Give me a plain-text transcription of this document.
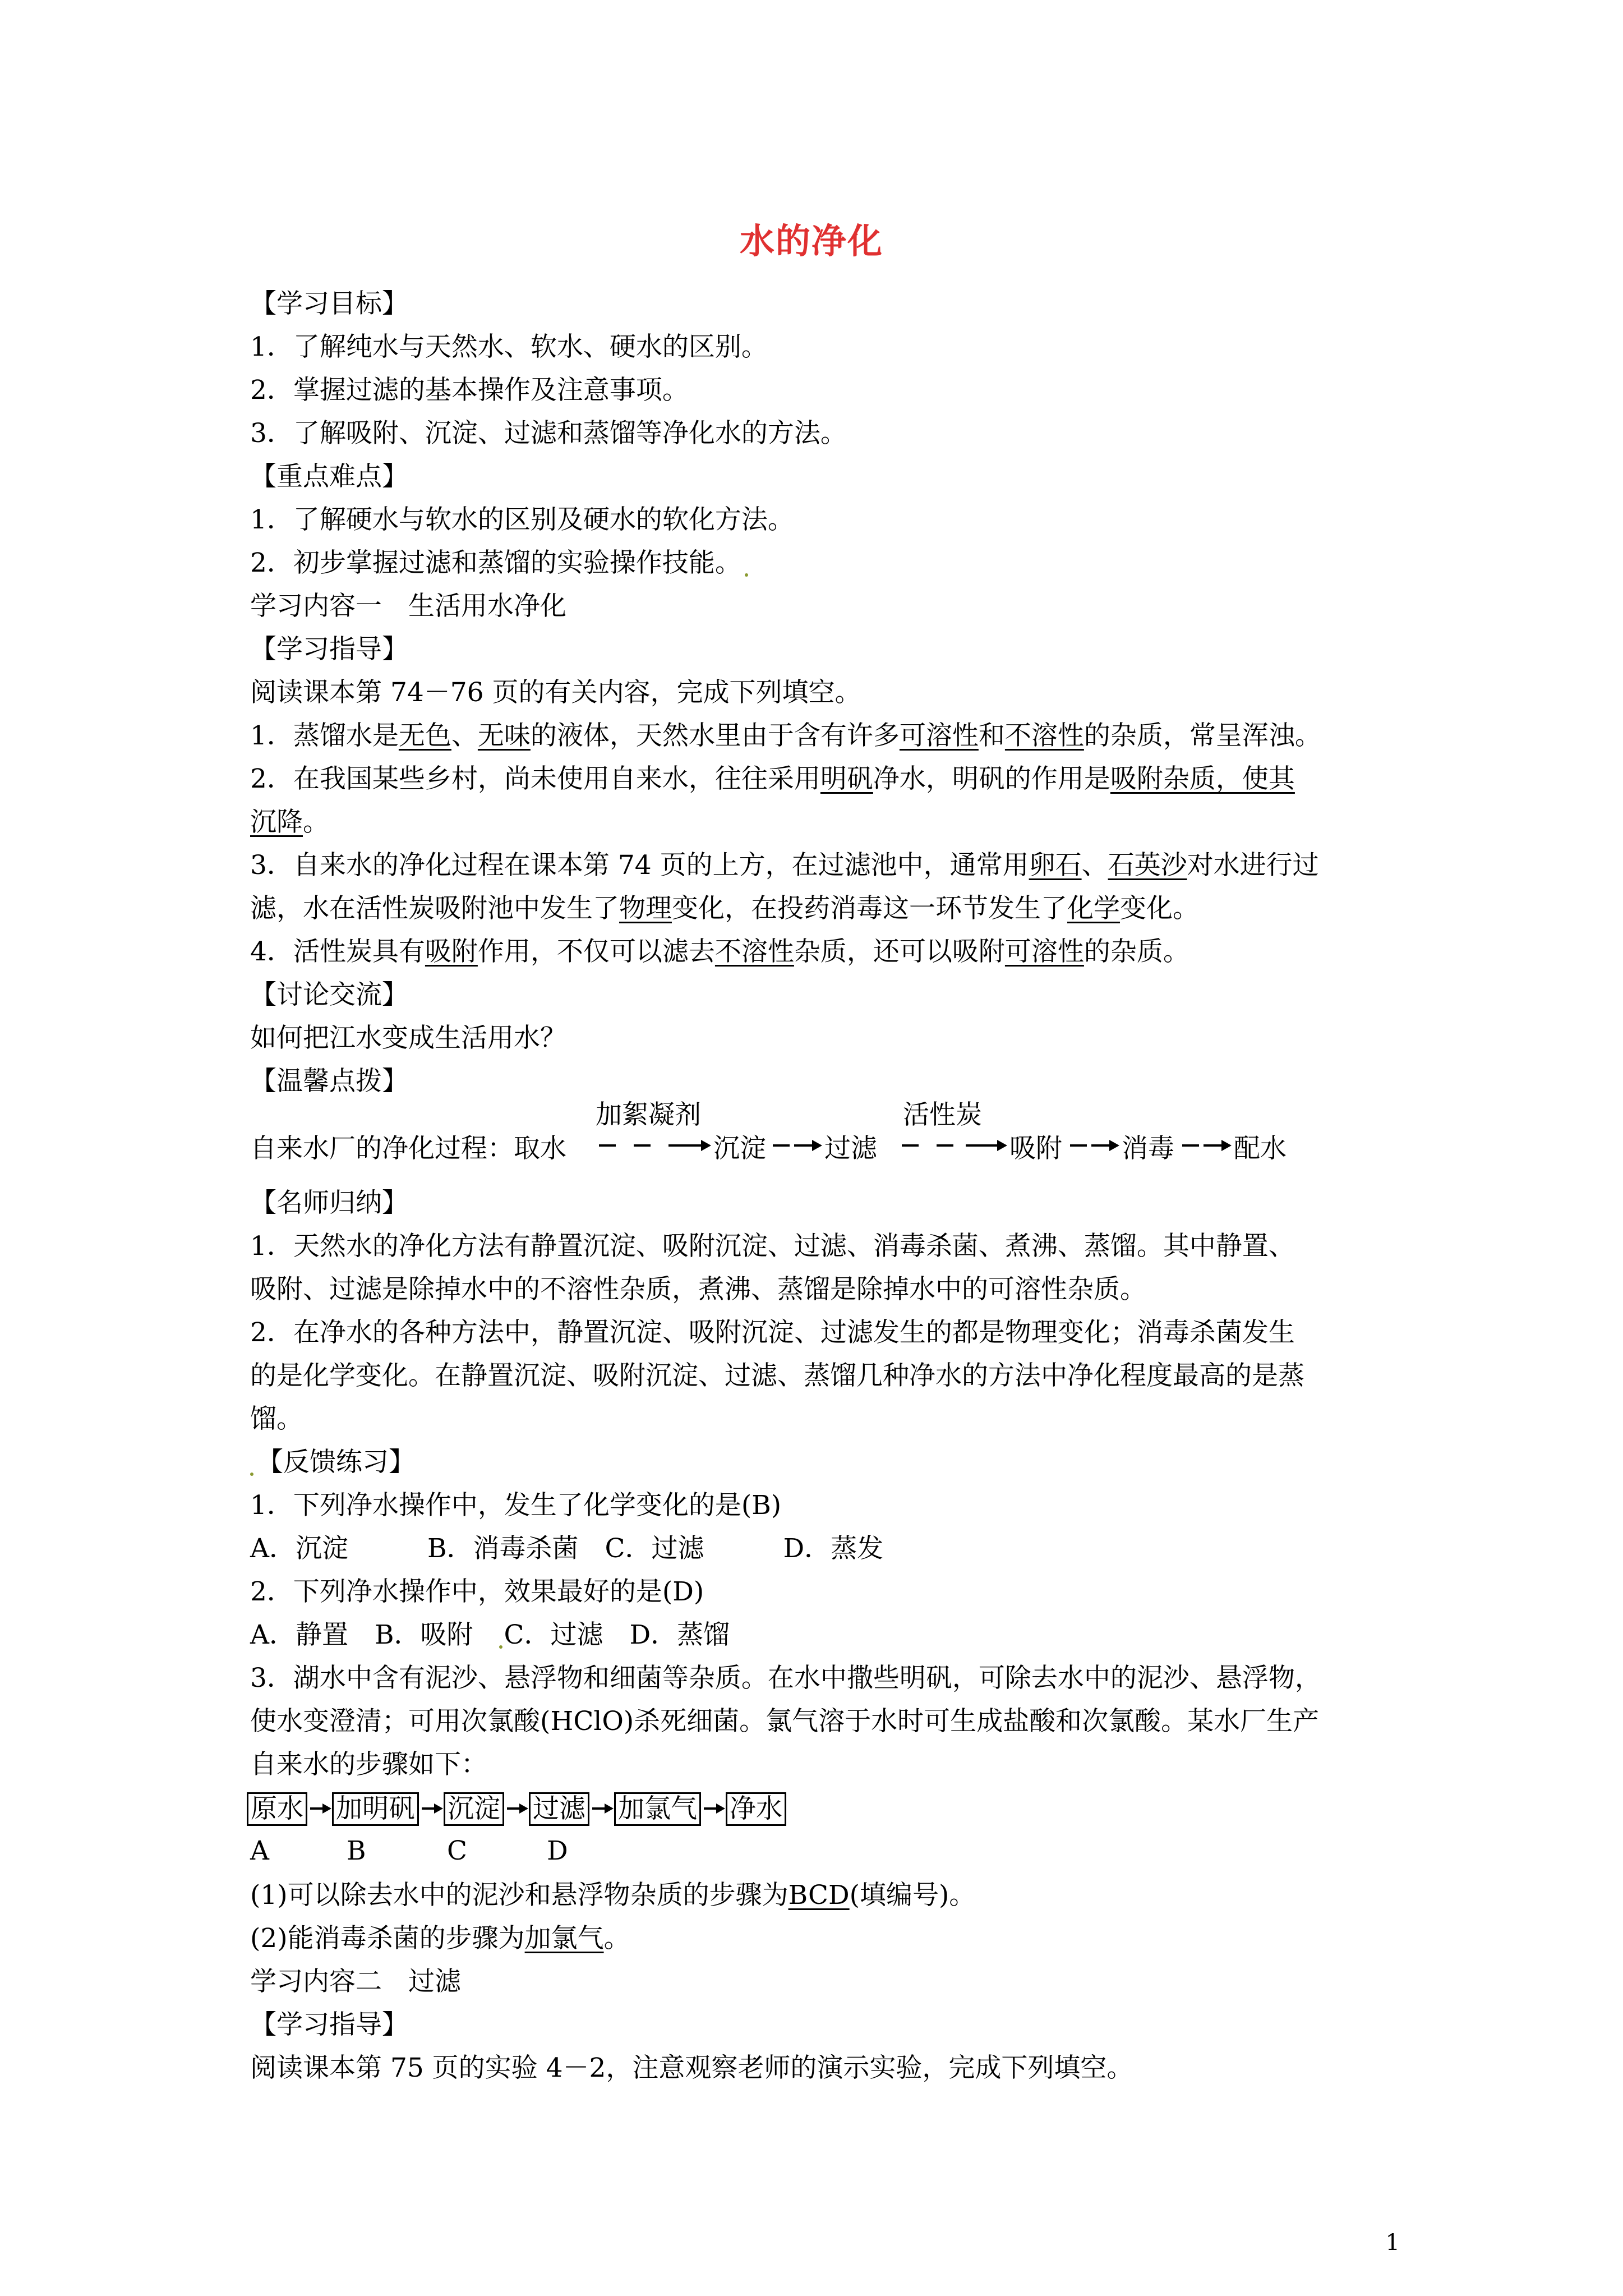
水的净化
【学习目标】
1．了解纯水与天然水、软水、硬水的区别。
2．掌握过滤的基本操作及注意事项。
3．了解吸附、沉淀、过滤和蒸馏等净化水的方法。
【重点难点】
1．了解硬水与软水的区别及硬水的软化方法。
2．初步掌握过滤和蒸馏的实验操作技能。
学习内容一　生活用水净化
【学习指导】
阅读课本第 74－76 页的有关内容，完成下列填空。
1．蒸馏水是无色、无味的液体，天然水里由于含有许多可溶性和不溶性的杂质，常呈浑浊。
2．在我国某些乡村，尚未使用自来水，往往采用明矾净水，明矾的作用是吸附杂质，使其
沉降。
3．自来水的净化过程在课本第 74 页的上方，在过滤池中，通常用卵石、石英沙对水进行过
滤，水在活性炭吸附池中发生了物理变化，在投药消毒这一环节发生了化学变化。
4．活性炭具有吸附作用，不仅可以滤去不溶性杂质，还可以吸附可溶性的杂质。
【讨论交流】
如何把江水变成生活用水？
【温馨点拨】
自来水厂的净化过程：取水
加絮凝剂
沉淀 过滤
活性炭
吸附 消毒 配水
【名师归纳】
1．天然水的净化方法有静置沉淀、吸附沉淀、过滤、消毒杀菌、煮沸、蒸馏。其中静置、
吸附、过滤是除掉水中的不溶性杂质，煮沸、蒸馏是除掉水中的可溶性杂质。
2．在净水的各种方法中，静置沉淀、吸附沉淀、过滤发生的都是物理变化；消毒杀菌发生
的是化学变化。在静置沉淀、吸附沉淀、过滤、蒸馏几种净水的方法中净化程度最高的是蒸
馏。
【反馈练习】
1．下列净水操作中，发生了化学变化的是(B)
A．沉淀　　　B．消毒杀菌　C．过滤　　　D．蒸发
2．下列净水操作中，效果最好的是(D)
A．静置　B．吸附　C．过滤　D．蒸馏
3．湖水中含有泥沙、悬浮物和细菌等杂质。在水中撒些明矾，可除去水中的泥沙、悬浮物，
使水变澄清；可用次氯酸(HClO)杀死细菌。氯气溶于水时可生成盐酸和次氯酸。某水厂生产
自来水的步骤如下：
原水 加明矾 沉淀 过滤 加氯气 净水
A	B	C	D
(1)可以除去水中的泥沙和悬浮物杂质的步骤为BCD(填编号)。
(2)能消毒杀菌的步骤为加氯气。
学习内容二　过滤
【学习指导】
阅读课本第 75 页的实验 4－2，注意观察老师的演示实验，完成下列填空。
1
